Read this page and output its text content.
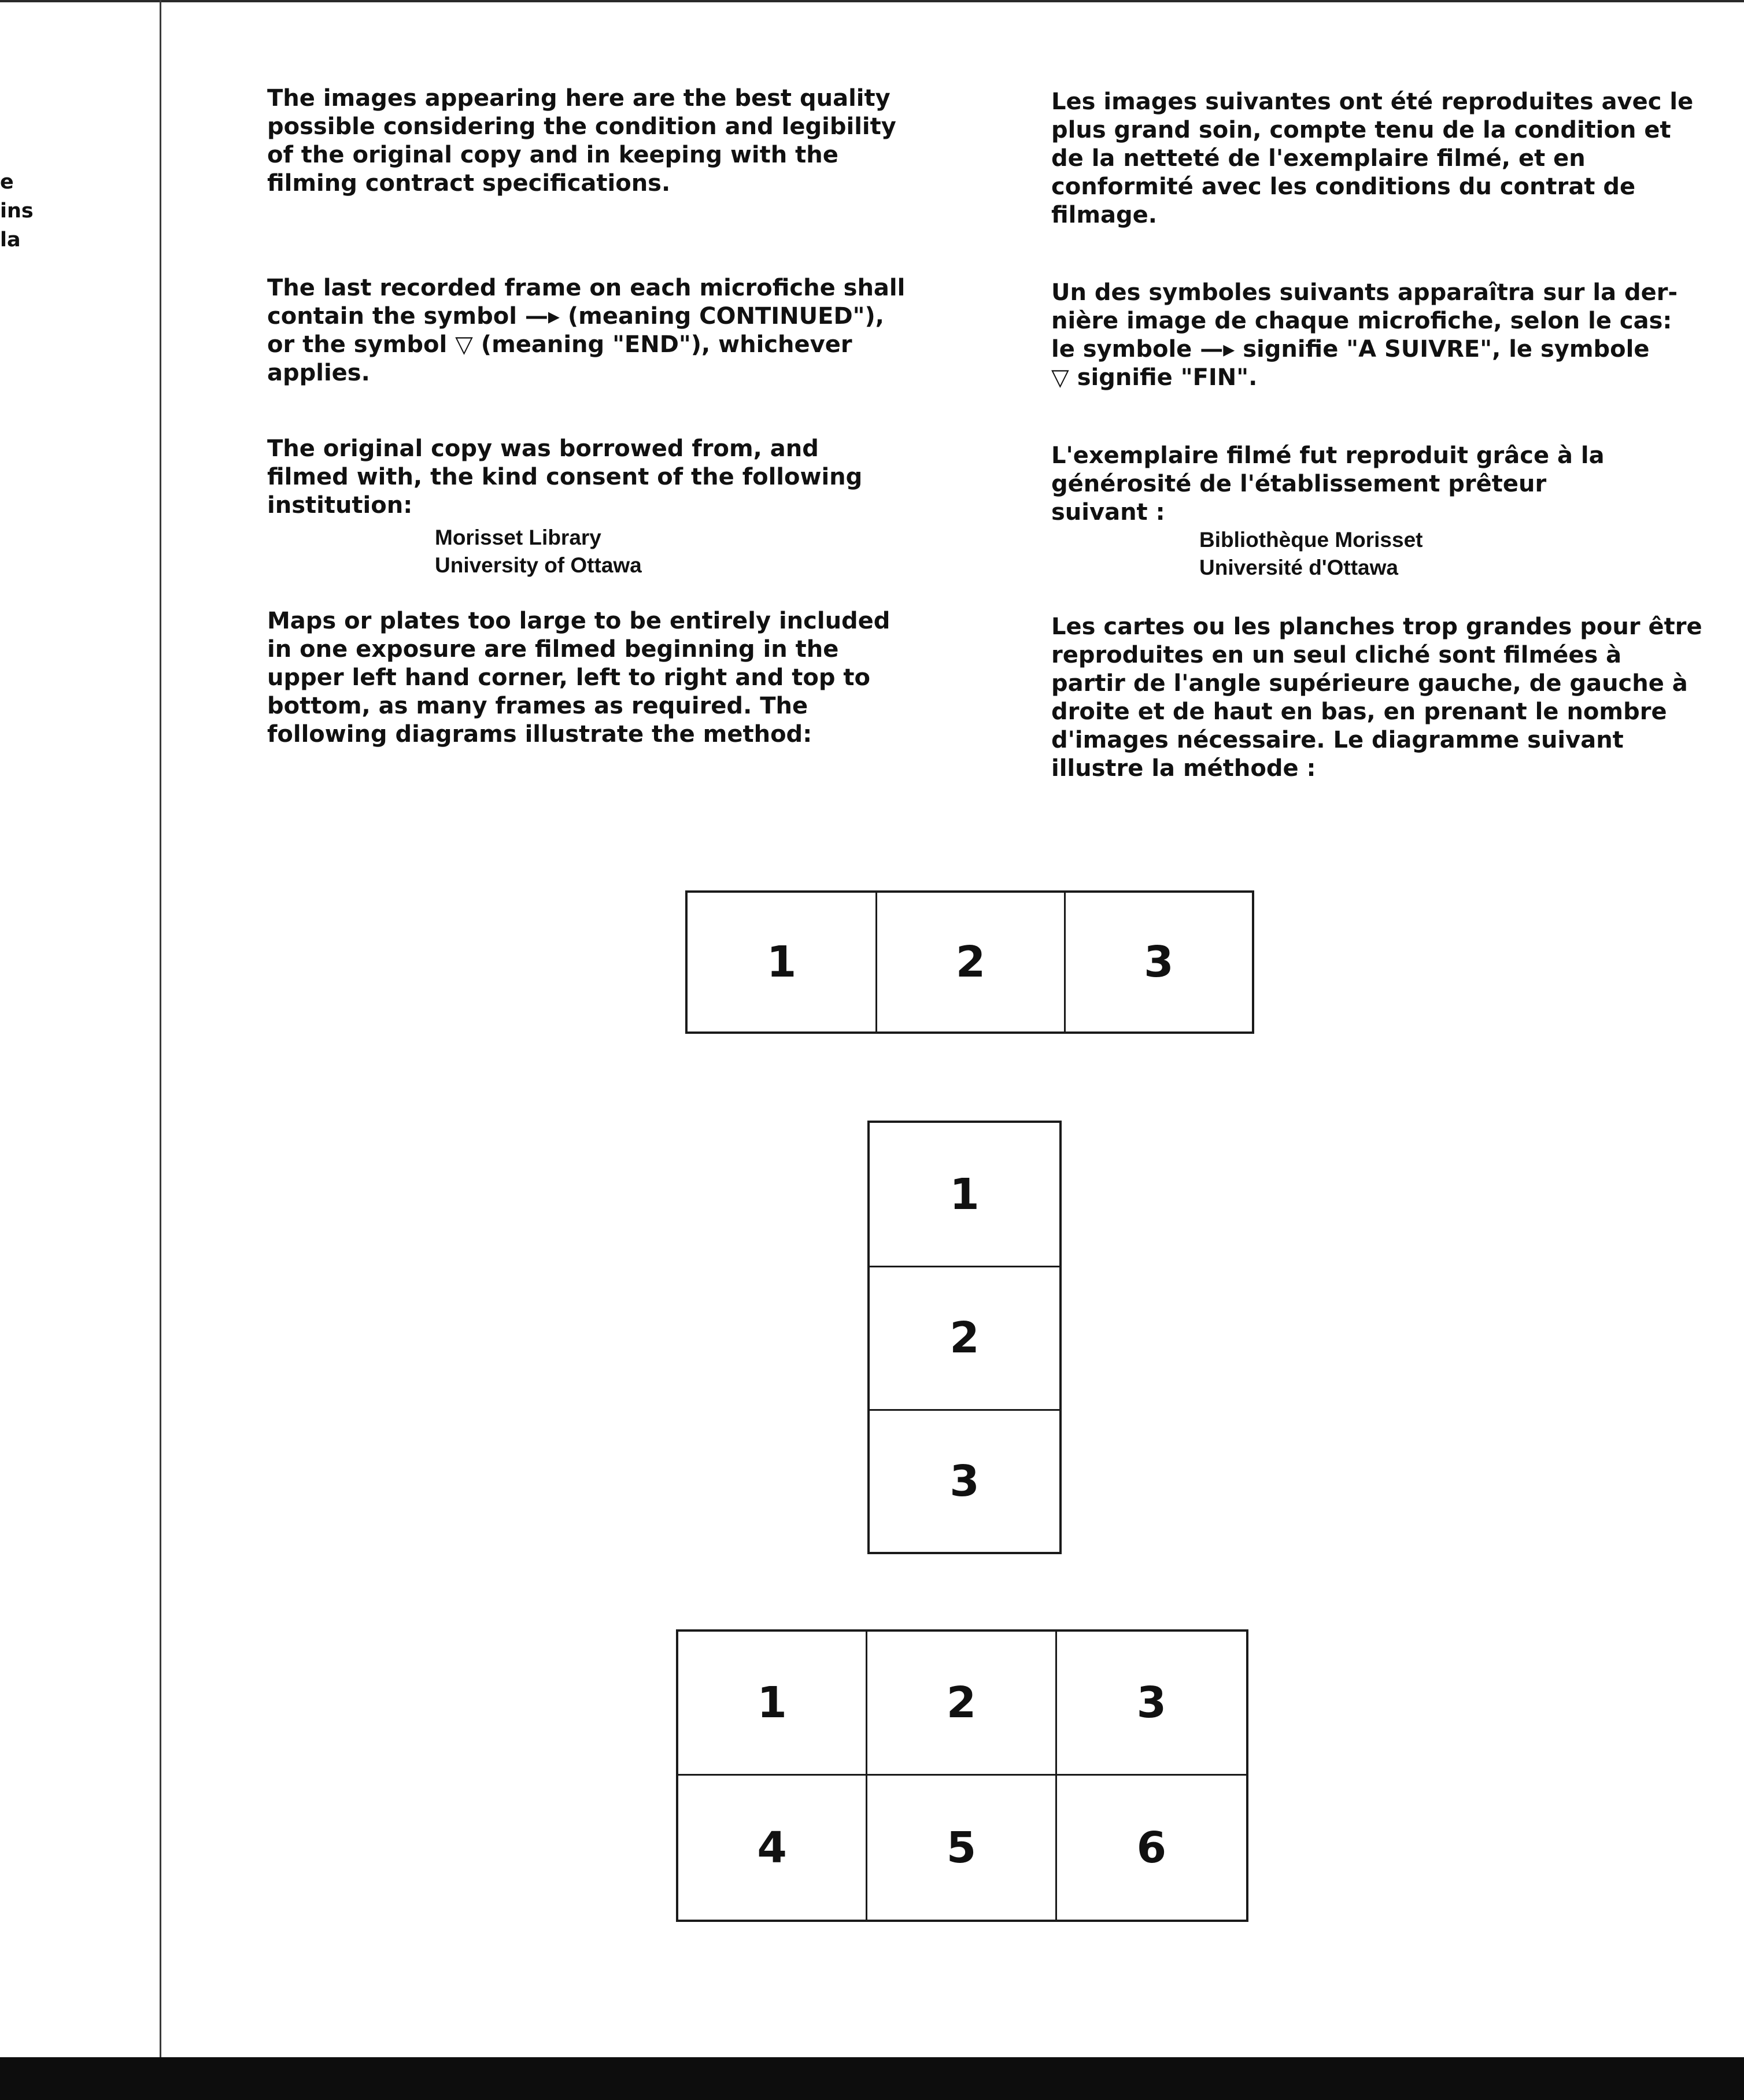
e
ins
la
The images appearing here are the best quality
possible considering the condition and legibility
of the original copy and in keeping with the
filming contract specifications.
The last recorded frame on each microfiche shall
contain the symbol —▸ (meaning CONTINUED"),
or the symbol ▽ (meaning "END"), whichever
applies.
The original copy was borrowed from, and
filmed with, the kind consent of the following
institution:
Morisset Library
University of Ottawa
Maps or plates too large to be entirely included
in one exposure are filmed beginning in the
upper left hand corner, left to right and top to
bottom, as many frames as required. The
following diagrams illustrate the method:
Les images suivantes ont été reproduites avec le
plus grand soin, compte tenu de la condition et
de la netteté de l'exemplaire filmé, et en
conformité avec les conditions du contrat de
filmage.
Un des symboles suivants apparaîtra sur la der-
nière image de chaque microfiche, selon le cas:
le symbole —▸ signifie "A SUIVRE", le symbole
▽ signifie "FIN".
L'exemplaire filmé fut reproduit grâce à la
générosité de l'établissement prêteur
suivant :
Bibliothèque Morisset
Université d'Ottawa
Les cartes ou les planches trop grandes pour être
reproduites en un seul cliché sont filmées à
partir de l'angle supérieure gauche, de gauche à
droite et de haut en bas, en prenant le nombre
d'images nécessaire. Le diagramme suivant
illustre la méthode :
1	2	3
1
2
3
1	2	3
4	5	6
